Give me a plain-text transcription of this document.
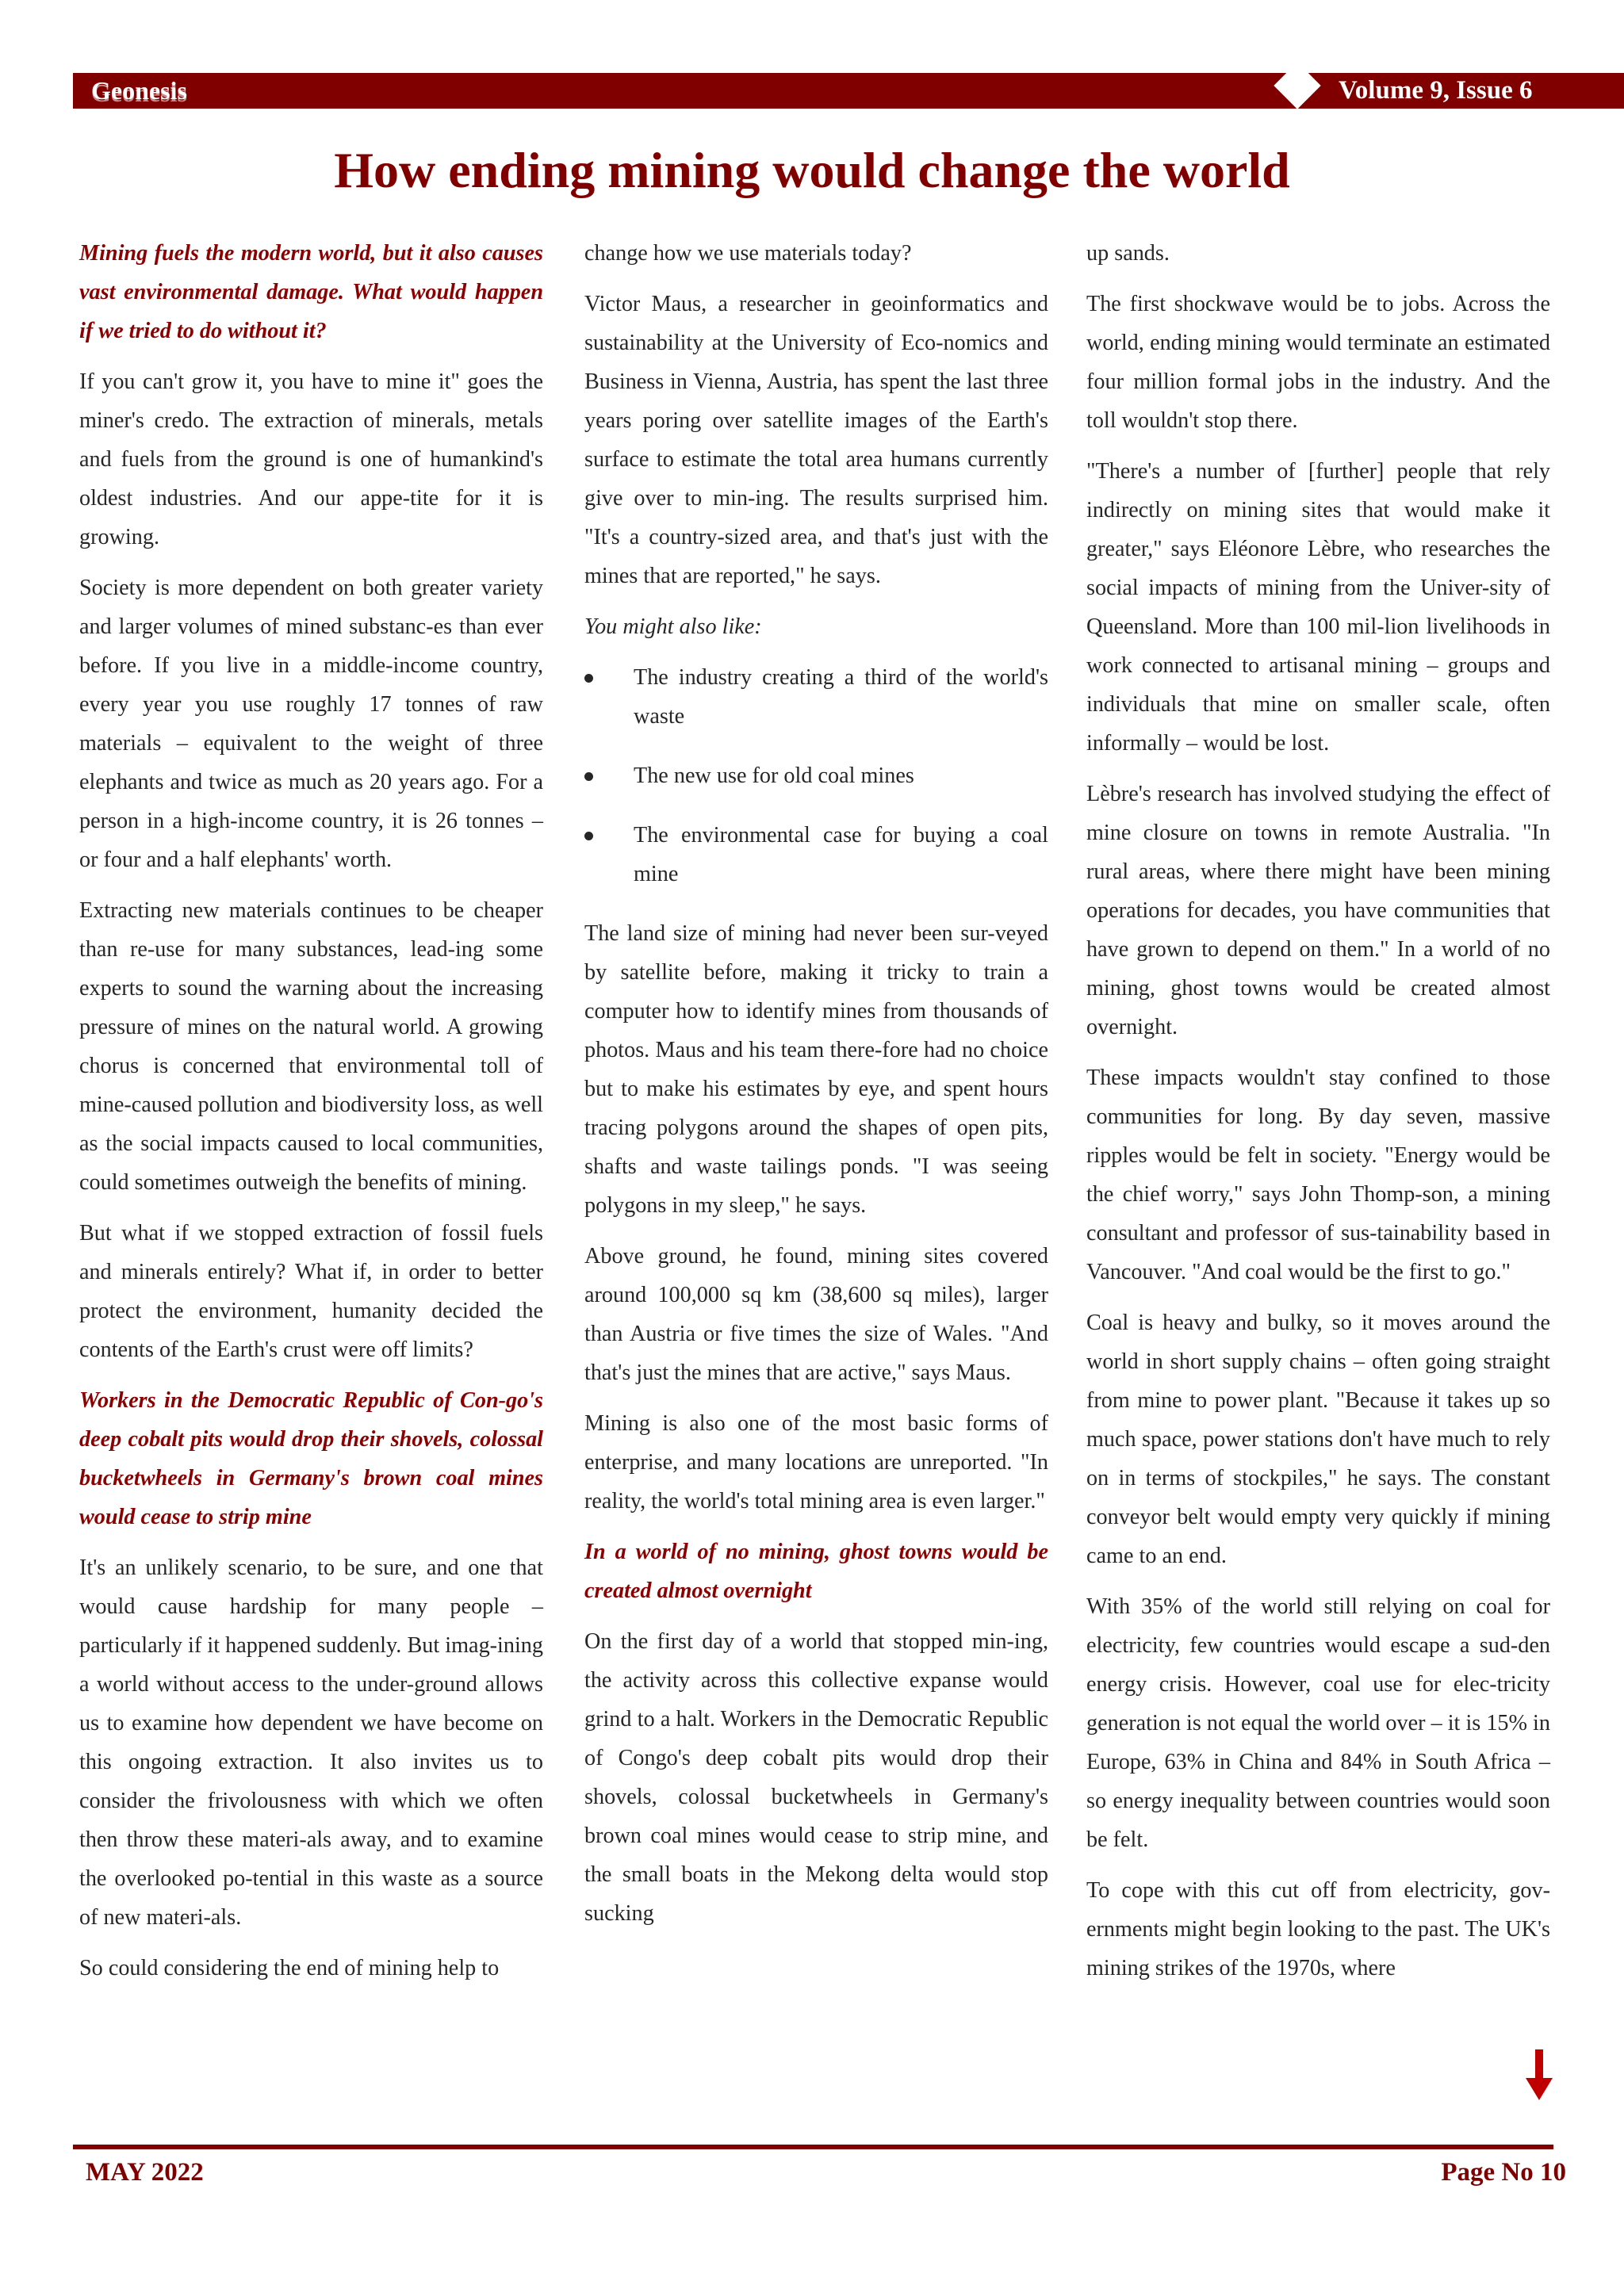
Geonesis	Volume 9, Issue 6
How ending mining would change the world

Mining fuels the modern world, but it also causes vast environmental damage. What would happen if we tried to do without it?

If you can't grow it, you have to mine it" goes the miner's credo. The extraction of minerals, metals and fuels from the ground is one of humankind's oldest industries. And our appe-tite for it is growing.

Society is more dependent on both greater variety and larger volumes of mined substanc-es than ever before. If you live in a middle-income country, every year you use roughly 17 tonnes of raw materials – equivalent to the weight of three elephants and twice as much as 20 years ago. For a person in a high-income country, it is 26 tonnes – or four and a half elephants' worth.

Extracting new materials continues to be cheaper than re-use for many substances, lead-ing some experts to sound the warning about the increasing pressure of mines on the natural world. A growing chorus is concerned that environmental toll of mine-caused pollution and biodiversity loss, as well as the social impacts caused to local communities, could sometimes outweigh the benefits of mining.

But what if we stopped extraction of fossil fuels and minerals entirely? What if, in order to better protect the environment, humanity decided the contents of the Earth's crust were off limits?

Workers in the Democratic Republic of Con-go's deep cobalt pits would drop their shovels, colossal bucketwheels in Germany's brown coal mines would cease to strip mine

It's an unlikely scenario, to be sure, and one that would cause hardship for many people – particularly if it happened suddenly. But imag-ining a world without access to the under-ground allows us to examine how dependent we have become on this ongoing extraction. It also invites us to consider the frivolousness with which we often then throw these materi-als away, and to examine the overlooked po-tential in this waste as a source of new materi-als.

So could considering the end of mining help to

change how we use materials today?

Victor Maus, a researcher in geoinformatics and sustainability at the University of Eco-nomics and Business in Vienna, Austria, has spent the last three years poring over satellite images of the Earth's surface to estimate the total area humans currently give over to min-ing. The results surprised him. "It's a country-sized area, and that's just with the mines that are reported," he says.

You might also like:

The industry creating a third of the world's waste
The new use for old coal mines
The environmental case for buying a coal mine

The land size of mining had never been sur-veyed by satellite before, making it tricky to train a computer how to identify mines from thousands of photos. Maus and his team there-fore had no choice but to make his estimates by eye, and spent hours tracing polygons around the shapes of open pits, shafts and waste tailings ponds. "I was seeing polygons in my sleep," he says.

Above ground, he found, mining sites covered around 100,000 sq km (38,600 sq miles), larger than Austria or five times the size of Wales. "And that's just the mines that are active," says Maus.

Mining is also one of the most basic forms of enterprise, and many locations are unreported. "In reality, the world's total mining area is even larger."

In a world of no mining, ghost towns would be created almost overnight

On the first day of a world that stopped min-ing, the activity across this collective expanse would grind to a halt. Workers in the Democratic Republic of Congo's deep cobalt pits would drop their shovels, colossal bucketwheels in Germany's brown coal mines would cease to strip mine, and the small boats in the Mekong delta would stop sucking

up sands.

The first shockwave would be to jobs. Across the world, ending mining would terminate an estimated four million formal jobs in the industry. And the toll wouldn't stop there.

"There's a number of [further] people that rely indirectly on mining sites that would make it greater," says Eléonore Lèbre, who researches the social impacts of mining from the Univer-sity of Queensland. More than 100 mil-lion livelihoods in work connected to artisanal mining – groups and individuals that mine on smaller scale, often informally – would be lost.

Lèbre's research has involved studying the effect of mine closure on towns in remote Australia. "In rural areas, where there might have been mining operations for decades, you have communities that have grown to depend on them." In a world of no mining, ghost towns would be created almost overnight.

These impacts wouldn't stay confined to those communities for long. By day seven, massive ripples would be felt in society. "Energy would be the chief worry," says John Thomp-son, a mining consultant and professor of sus-tainability based in Vancouver. "And coal would be the first to go."

Coal is heavy and bulky, so it moves around the world in short supply chains – often going straight from mine to power plant. "Because it takes up so much space, power stations don't have much to rely on in terms of stockpiles," he says. The constant conveyor belt would empty very quickly if mining came to an end.

With 35% of the world still relying on coal for electricity, few countries would escape a sud-den energy crisis. However, coal use for elec-tricity generation is not equal the world over – it is 15% in Europe, 63% in China and 84% in South Africa – so energy inequality between countries would soon be felt.

To cope with this cut off from electricity, gov-ernments might begin looking to the past. The UK's mining strikes of the 1970s, where

MAY 2022	Page No 10
